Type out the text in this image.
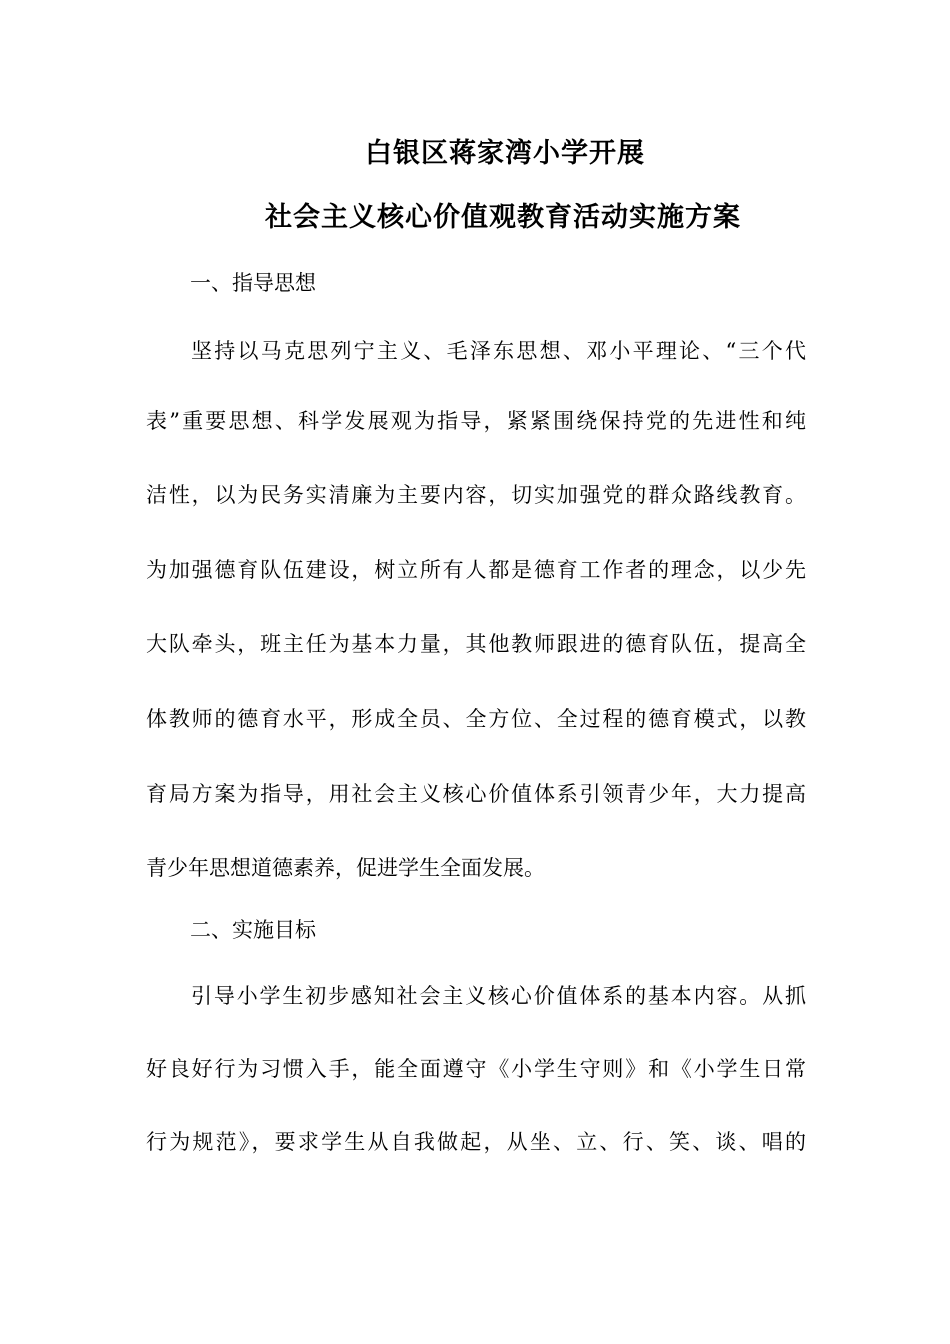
白银区蒋家湾小学开展
社会主义核心价值观教育活动实施方案
一、指导思想
坚持以马克思列宁主义、毛泽东思想、邓小平理论、“三个代
表”重要思想、科学发展观为指导，紧紧围绕保持党的先进性和纯
洁性，以为民务实清廉为主要内容，切实加强党的群众路线教育。
为加强德育队伍建设，树立所有人都是德育工作者的理念，以少先
大队牵头，班主任为基本力量，其他教师跟进的德育队伍，提高全
体教师的德育水平，形成全员、全方位、全过程的德育模式，以教
育局方案为指导，用社会主义核心价值体系引领青少年，大力提高
青少年思想道德素养，促进学生全面发展。
二、实施目标
引导小学生初步感知社会主义核心价值体系的基本内容。从抓
好良好行为习惯入手，能全面遵守《小学生守则》和《小学生日常
行为规范》，要求学生从自我做起，从坐、立、行、笑、谈、唱的
